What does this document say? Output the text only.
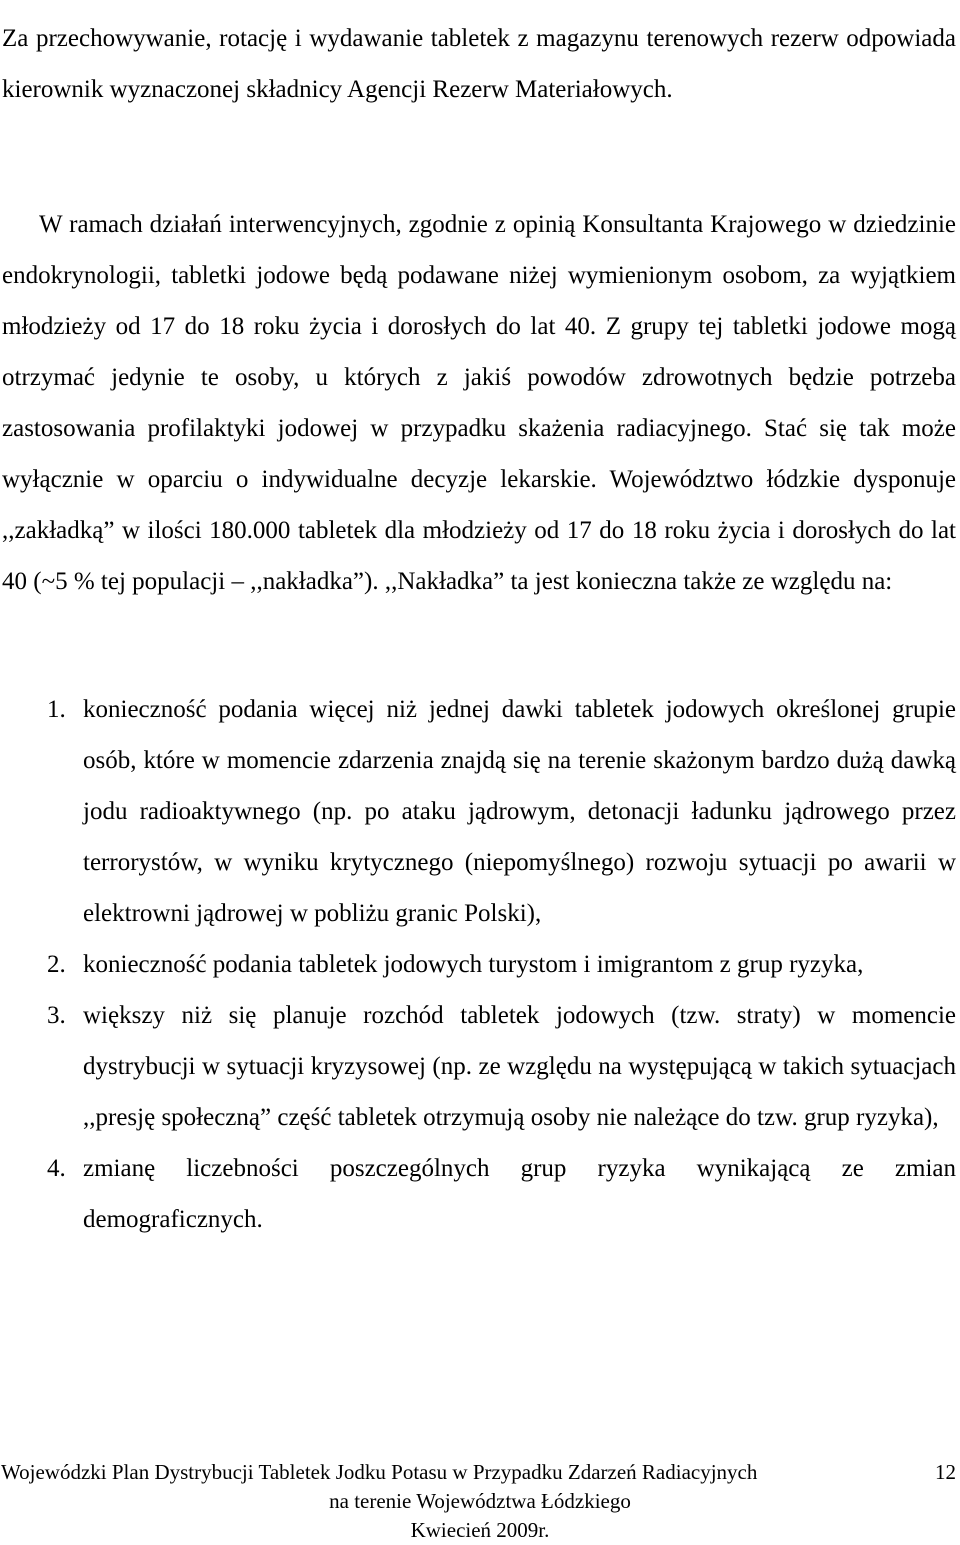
Za przechowywanie, rotację i wydawanie tabletek z magazynu terenowych rezerw odpowiada kierownik wyznaczonej składnicy Agencji Rezerw Materiałowych.

W ramach działań interwencyjnych, zgodnie z opinią Konsultanta Krajowego w dziedzinie endokrynologii, tabletki jodowe będą podawane niżej wymienionym osobom, za wyjątkiem młodzieży od 17 do 18 roku życia i dorosłych do lat 40. Z grupy tej tabletki jodowe mogą otrzymać jedynie te osoby, u których z jakiś powodów zdrowotnych będzie potrzeba zastosowania profilaktyki jodowej w przypadku skażenia radiacyjnego. Stać się tak może wyłącznie w oparciu o indywidualne decyzje lekarskie. Województwo łódzkie dysponuje ,,zakładką” w ilości 180.000 tabletek dla młodzieży od 17 do 18 roku życia i dorosłych do lat 40 (~5 % tej populacji – ,,nakładka”). ,,Nakładka” ta jest konieczna także ze względu na:

1. konieczność podania więcej niż jednej dawki tabletek jodowych określonej grupie osób, które w momencie zdarzenia znajdą się na terenie skażonym bardzo dużą dawką jodu radioaktywnego (np. po ataku jądrowym, detonacji ładunku jądrowego przez terrorystów, w wyniku krytycznego (niepomyślnego) rozwoju sytuacji po awarii w elektrowni jądrowej w pobliżu granic Polski),
2. konieczność podania tabletek jodowych turystom i imigrantom z grup ryzyka,
3. większy niż się planuje rozchód tabletek jodowych (tzw. straty) w momencie dystrybucji w sytuacji kryzysowej (np. ze względu na występującą w takich sytuacjach ,,presję społeczną” część tabletek otrzymują osoby nie należące do tzw. grup ryzyka),
4. zmianę liczebności poszczególnych grup ryzyka wynikającą ze zmian demograficznych.
Wojewódzki Plan Dystrybucji Tabletek Jodku Potasu w Przypadku Zdarzeń Radiacyjnych	12
na terenie Województwa Łódzkiego
Kwiecień 2009r.
